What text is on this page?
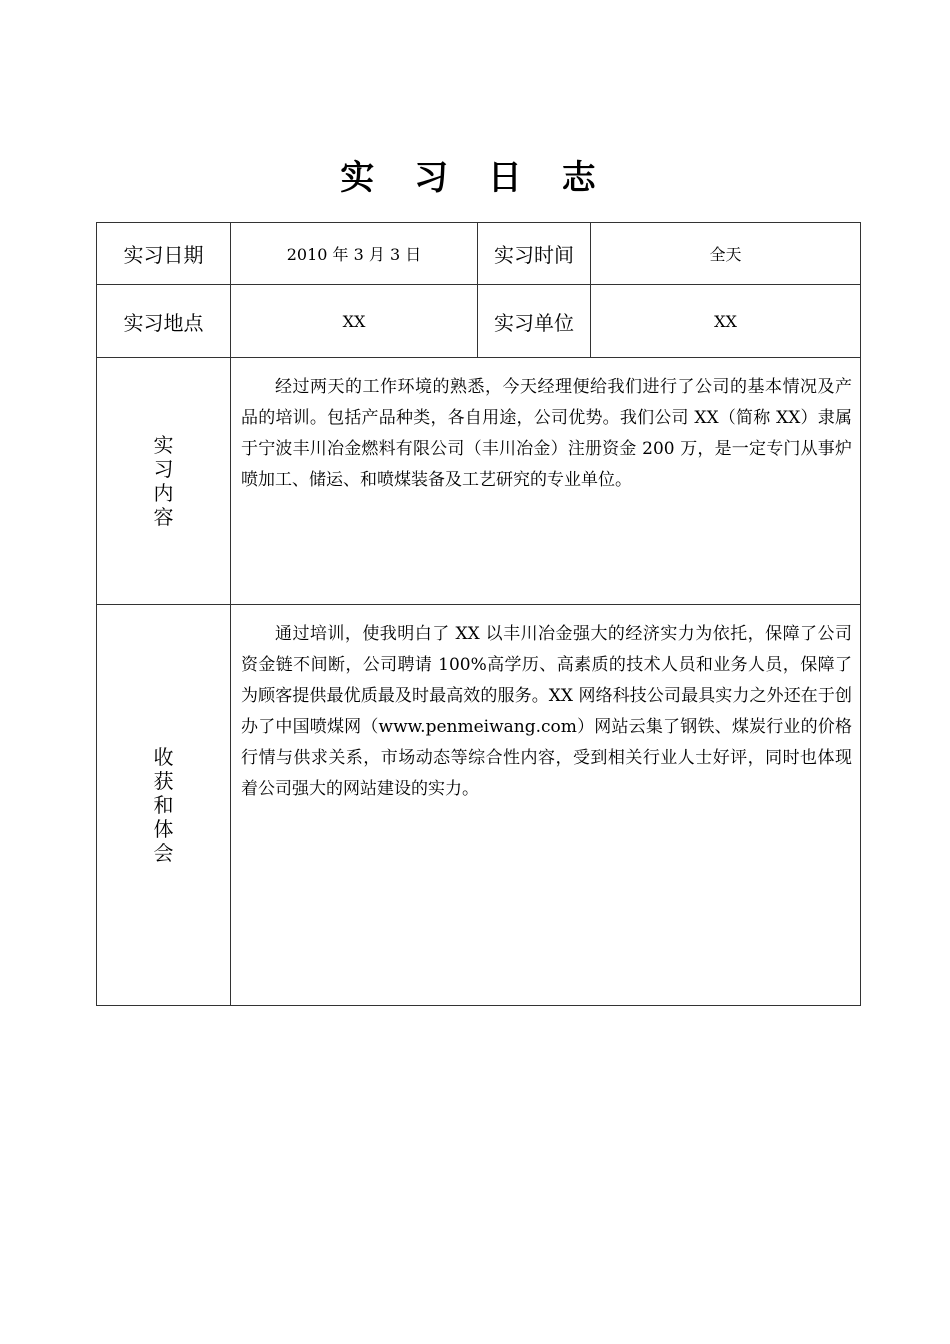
实 习 日 志
实习日期	2010 年 3 月 3 日	实习时间	全天
实习地点	XX	实习单位	XX
实习内容	经过两天的工作环境的熟悉，今天经理便给我们进行了公司的基本情况及产品的培训。包括产品种类，各自用途，公司优势。我们公司 XX（简称 XX）隶属于宁波丰川冶金燃料有限公司（丰川冶金）注册资金 200 万，是一定专门从事炉喷加工、储运、和喷煤装备及工艺研究的专业单位。		
收获和体会	通过培训，使我明白了 XX 以丰川冶金强大的经济实力为依托，保障了公司资金链不间断，公司聘请 100%高学历、高素质的技术人员和业务人员，保障了为顾客提供最优质最及时最高效的服务。XX 网络科技公司最具实力之外还在于创办了中国喷煤网（www.penmeiwang.com）网站云集了钢铁、煤炭行业的价格行情与供求关系，市场动态等综合性内容，受到相关行业人士好评，同时也体现着公司强大的网站建设的实力。		
